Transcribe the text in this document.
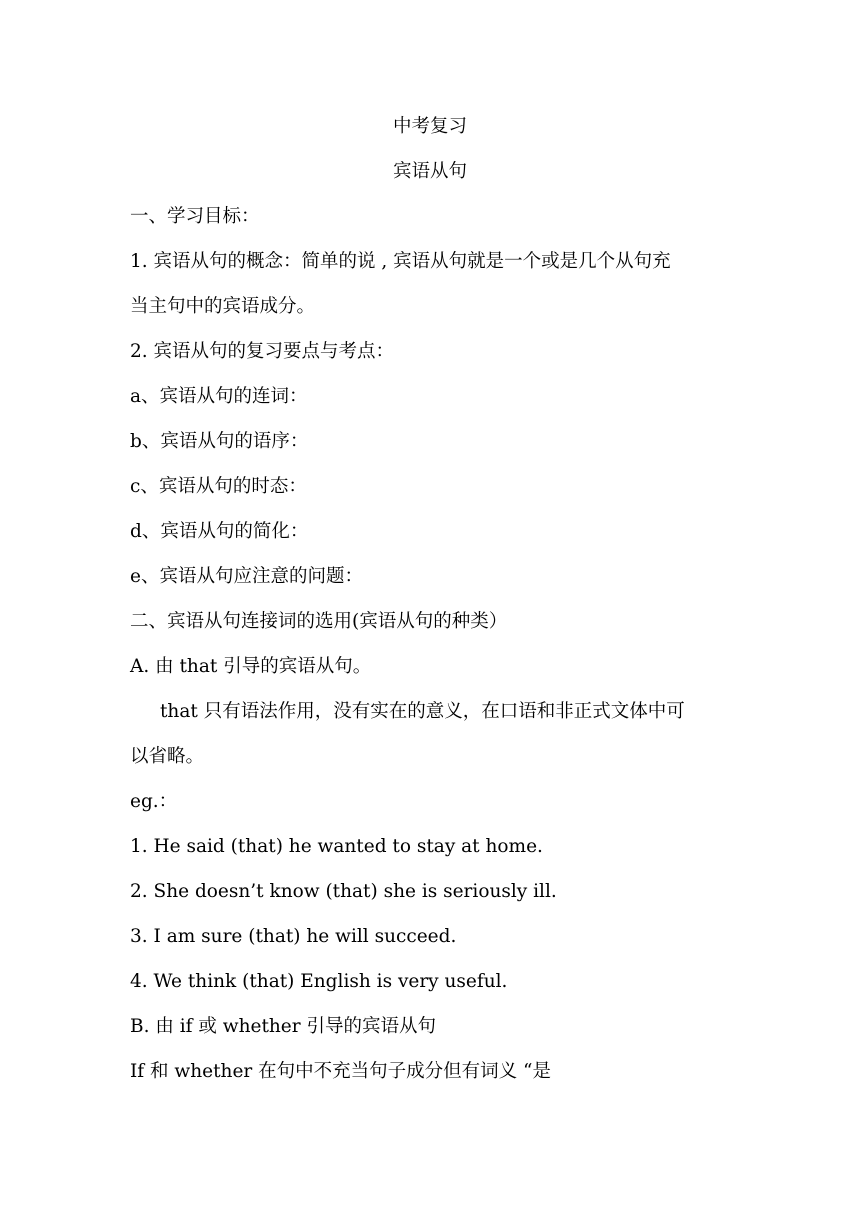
中考复习
宾语从句
一、学习目标：
1. 宾语从句的概念：简单的说 , 宾语从句就是一个或是几个从句充
当主句中的宾语成分。
2. 宾语从句的复习要点与考点：
a、宾语从句的连词：
b、宾语从句的语序：
c、宾语从句的时态：
d、宾语从句的简化：
e、宾语从句应注意的问题：
二、宾语从句连接词的选用(宾语从句的种类）
A. 由 that 引导的宾语从句。
that 只有语法作用，没有实在的意义，在口语和非正式文体中可
以省略。
eg.：
1. He said (that) he wanted to stay at home.
2. She doesn’t know (that) she is seriously ill.
3. I am sure (that) he will succeed.
4. We think (that) English is very useful.
B. 由 if 或 whether 引导的宾语从句
If 和 whether 在句中不充当句子成分但有词义 “是
